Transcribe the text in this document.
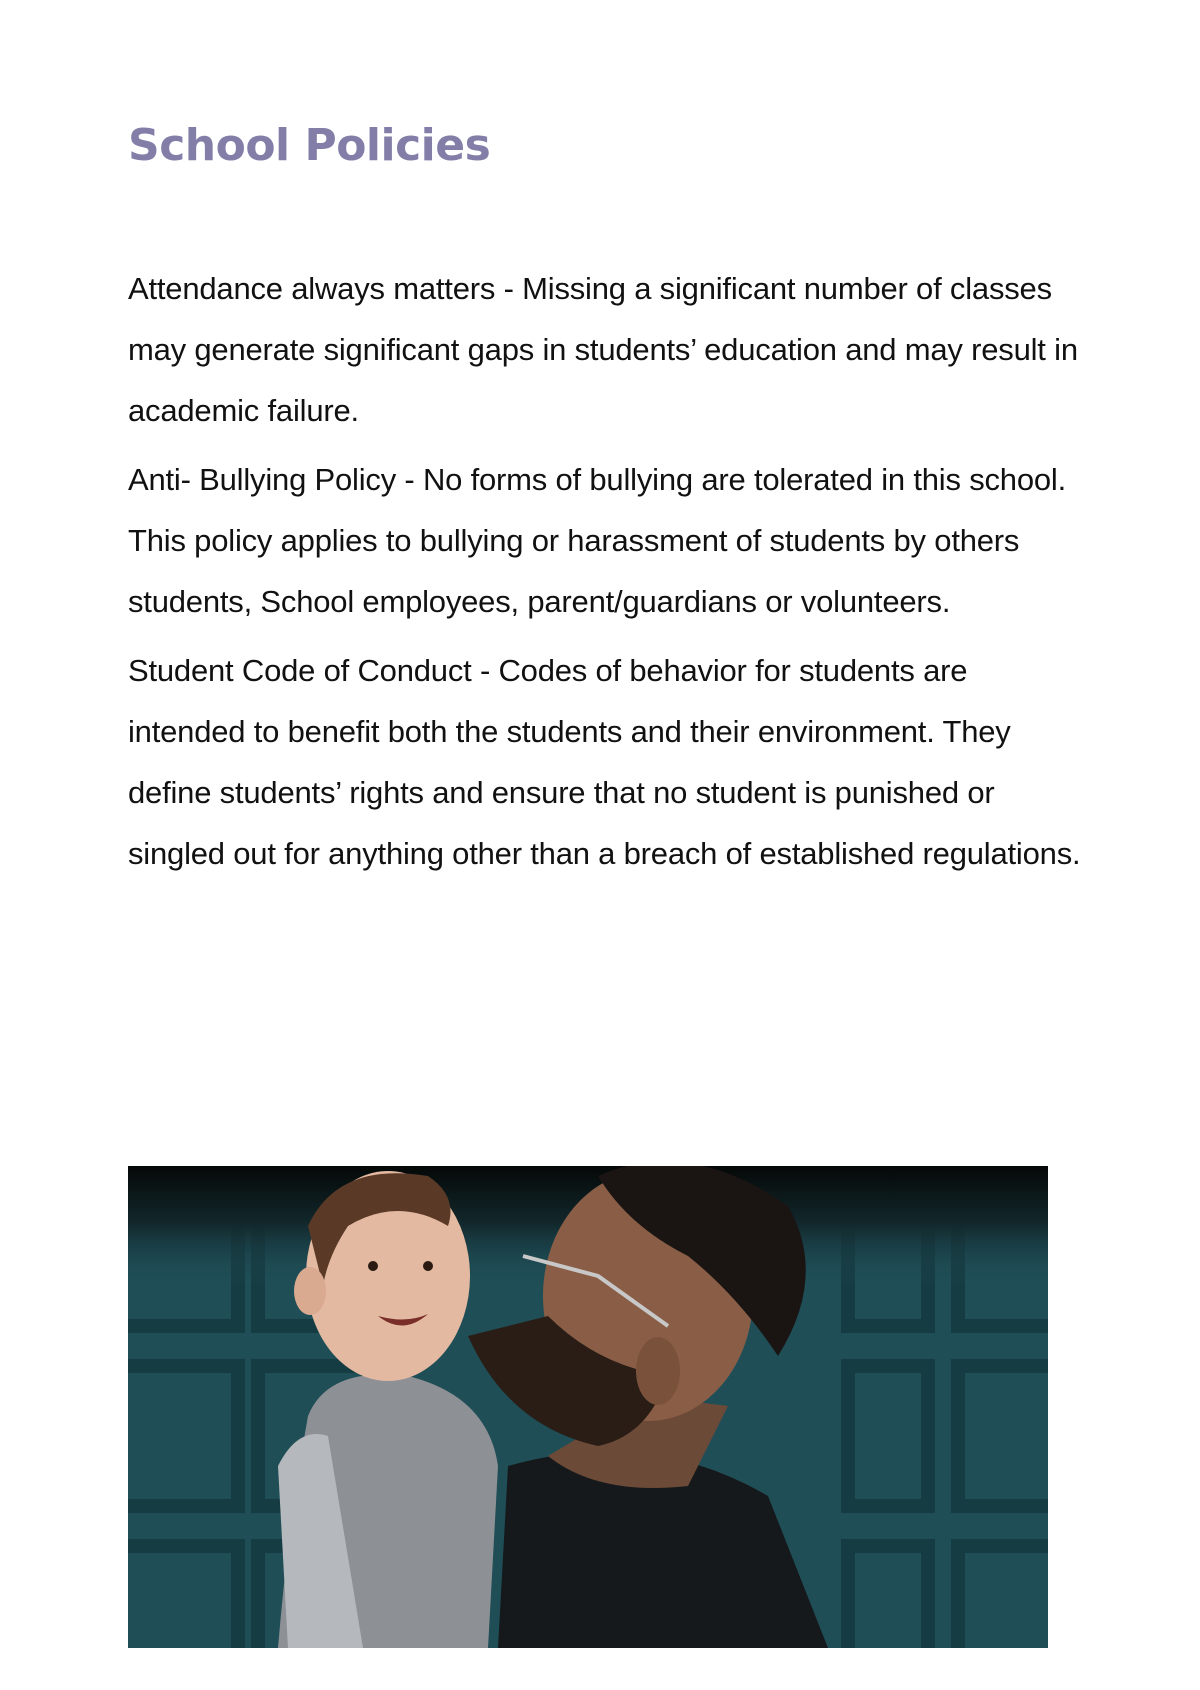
School Policies

Attendance always matters - Missing a significant number of classes may generate significant gaps in students’ education and may result in academic failure.

Anti- Bullying Policy - No forms of bullying are tolerated in this school. This policy applies to bullying or harassment of students by others students, School employees, parent/guardians or volunteers.

Student Code of Conduct - Codes of behavior for students are intended to benefit both the students and their environment. They define students’ rights and ensure that no student is punished or singled out for anything other than a breach of established regulations.
